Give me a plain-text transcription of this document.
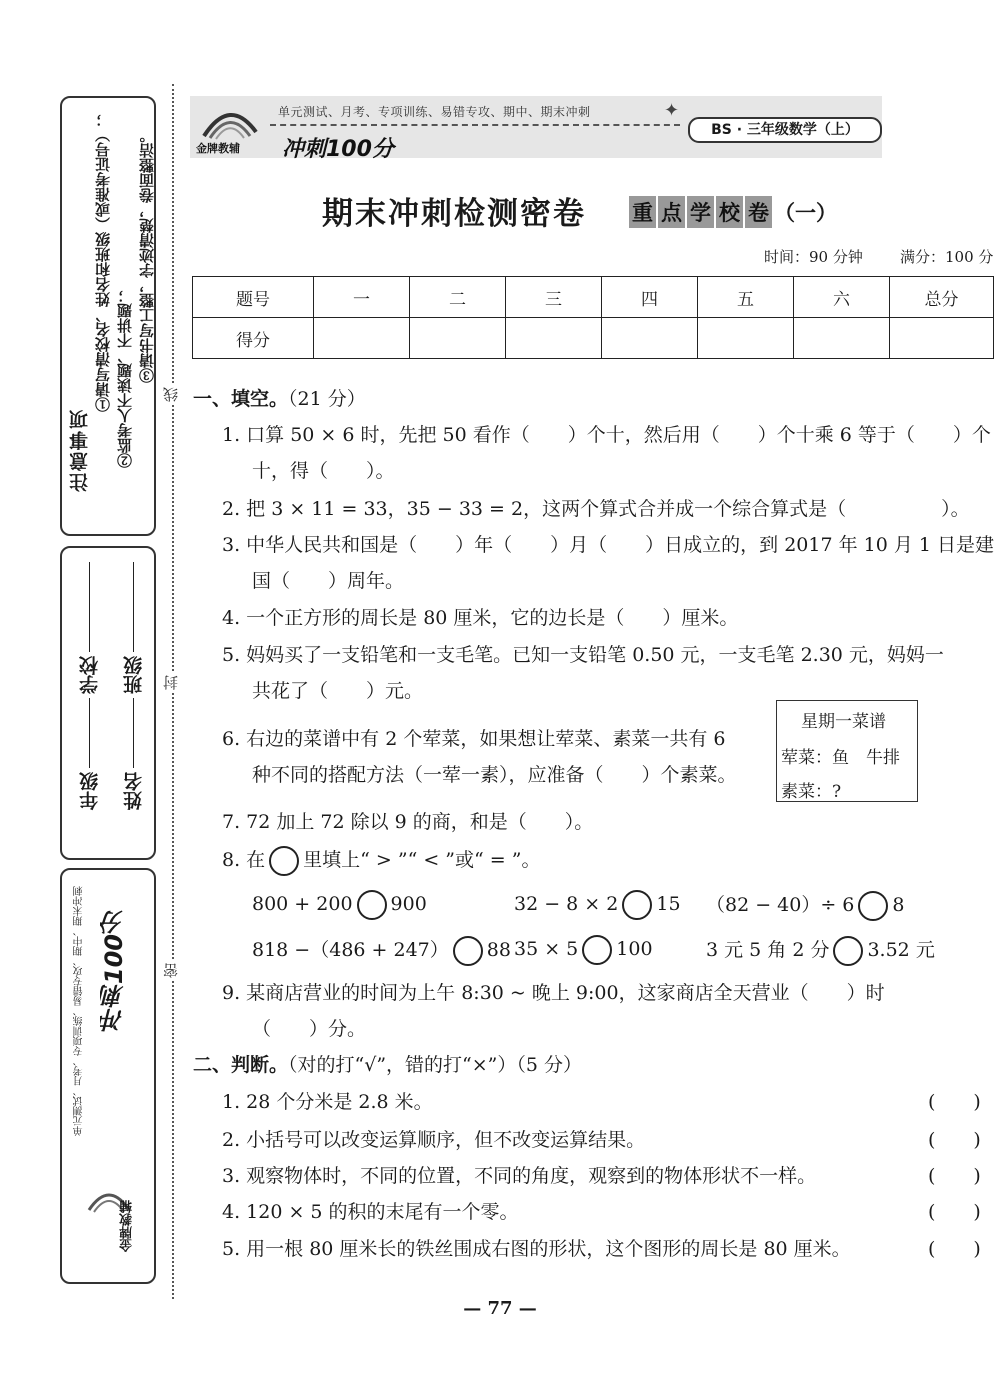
注意事项
①请写清校名、姓名和班级（或准考证号）； ②监考人不读题、不讲题； ③请书写工整，字迹清楚，卷面整洁。
学校
年级
班级
姓名
单元测试、月考、专项训练、易错专攻、期中、期末冲刺 冲刺100分
金牌教辅
线
封
密
单元测试、月考、专项训练、易错专攻、期中、期末冲刺	✦
BS · 三年级数学（上）
金牌教辅 冲刺100分
期末冲刺检测密卷 重 点 学 校 卷 （一）
时间：90 分钟 满分：100 分
题号	一	二	三	四	五	六	总分
得分							
一、填空。（21 分）
1. 口算 50 × 6 时，先把 50 看作（　　）个十，然后用（　　）个十乘 6 等于（　　）个
十，得（　　）。
2. 把 3 × 11 = 33，35 − 33 = 2，这两个算式合并成一个综合算式是（　　　　　）。
3. 中华人民共和国是（　　）年（　　）月（　　）日成立的，到 2017 年 10 月 1 日是建
国（　　）周年。
4. 一个正方形的周长是 80 厘米，它的边长是（　　）厘米。
5. 妈妈买了一支铅笔和一支毛笔。已知一支铅笔 0.50 元，一支毛笔 2.30 元，妈妈一
共花了（　　）元。
6. 右边的菜谱中有 2 个荤菜，如果想让荤菜、素菜一共有 6
种不同的搭配方法（一荤一素），应准备（　　）个素菜。
星期一菜谱
荤菜：鱼　牛排
素菜：?
7. 72 加上 72 除以 9 的商，和是（　　）。
8. 在 里填上“ > ”“ < ”或“ = ”。
800 + 200 900	32 − 8 × 2 15 （82 − 40）÷ 6 8
818 −（486 + 247） 88 35 × 5 100	3 元 5 角 2 分 3.52 元
9. 某商店营业的时间为上午 8:30 ~ 晚上 9:00，这家商店全天营业（　　）时
（　　）分。
二、判断。（对的打“√”，错的打“×”）（5 分）
1. 28 个分米是 2.8 米。	(　　)
2. 小括号可以改变运算顺序，但不改变运算结果。	(　　)
3. 观察物体时，不同的位置，不同的角度，观察到的物体形状不一样。	(　　)
4. 120 × 5 的积的末尾有一个零。	(　　)
5. 用一根 80 厘米长的铁丝围成右图的形状，这个图形的周长是 80 厘米。	(　　)
— 77 —
